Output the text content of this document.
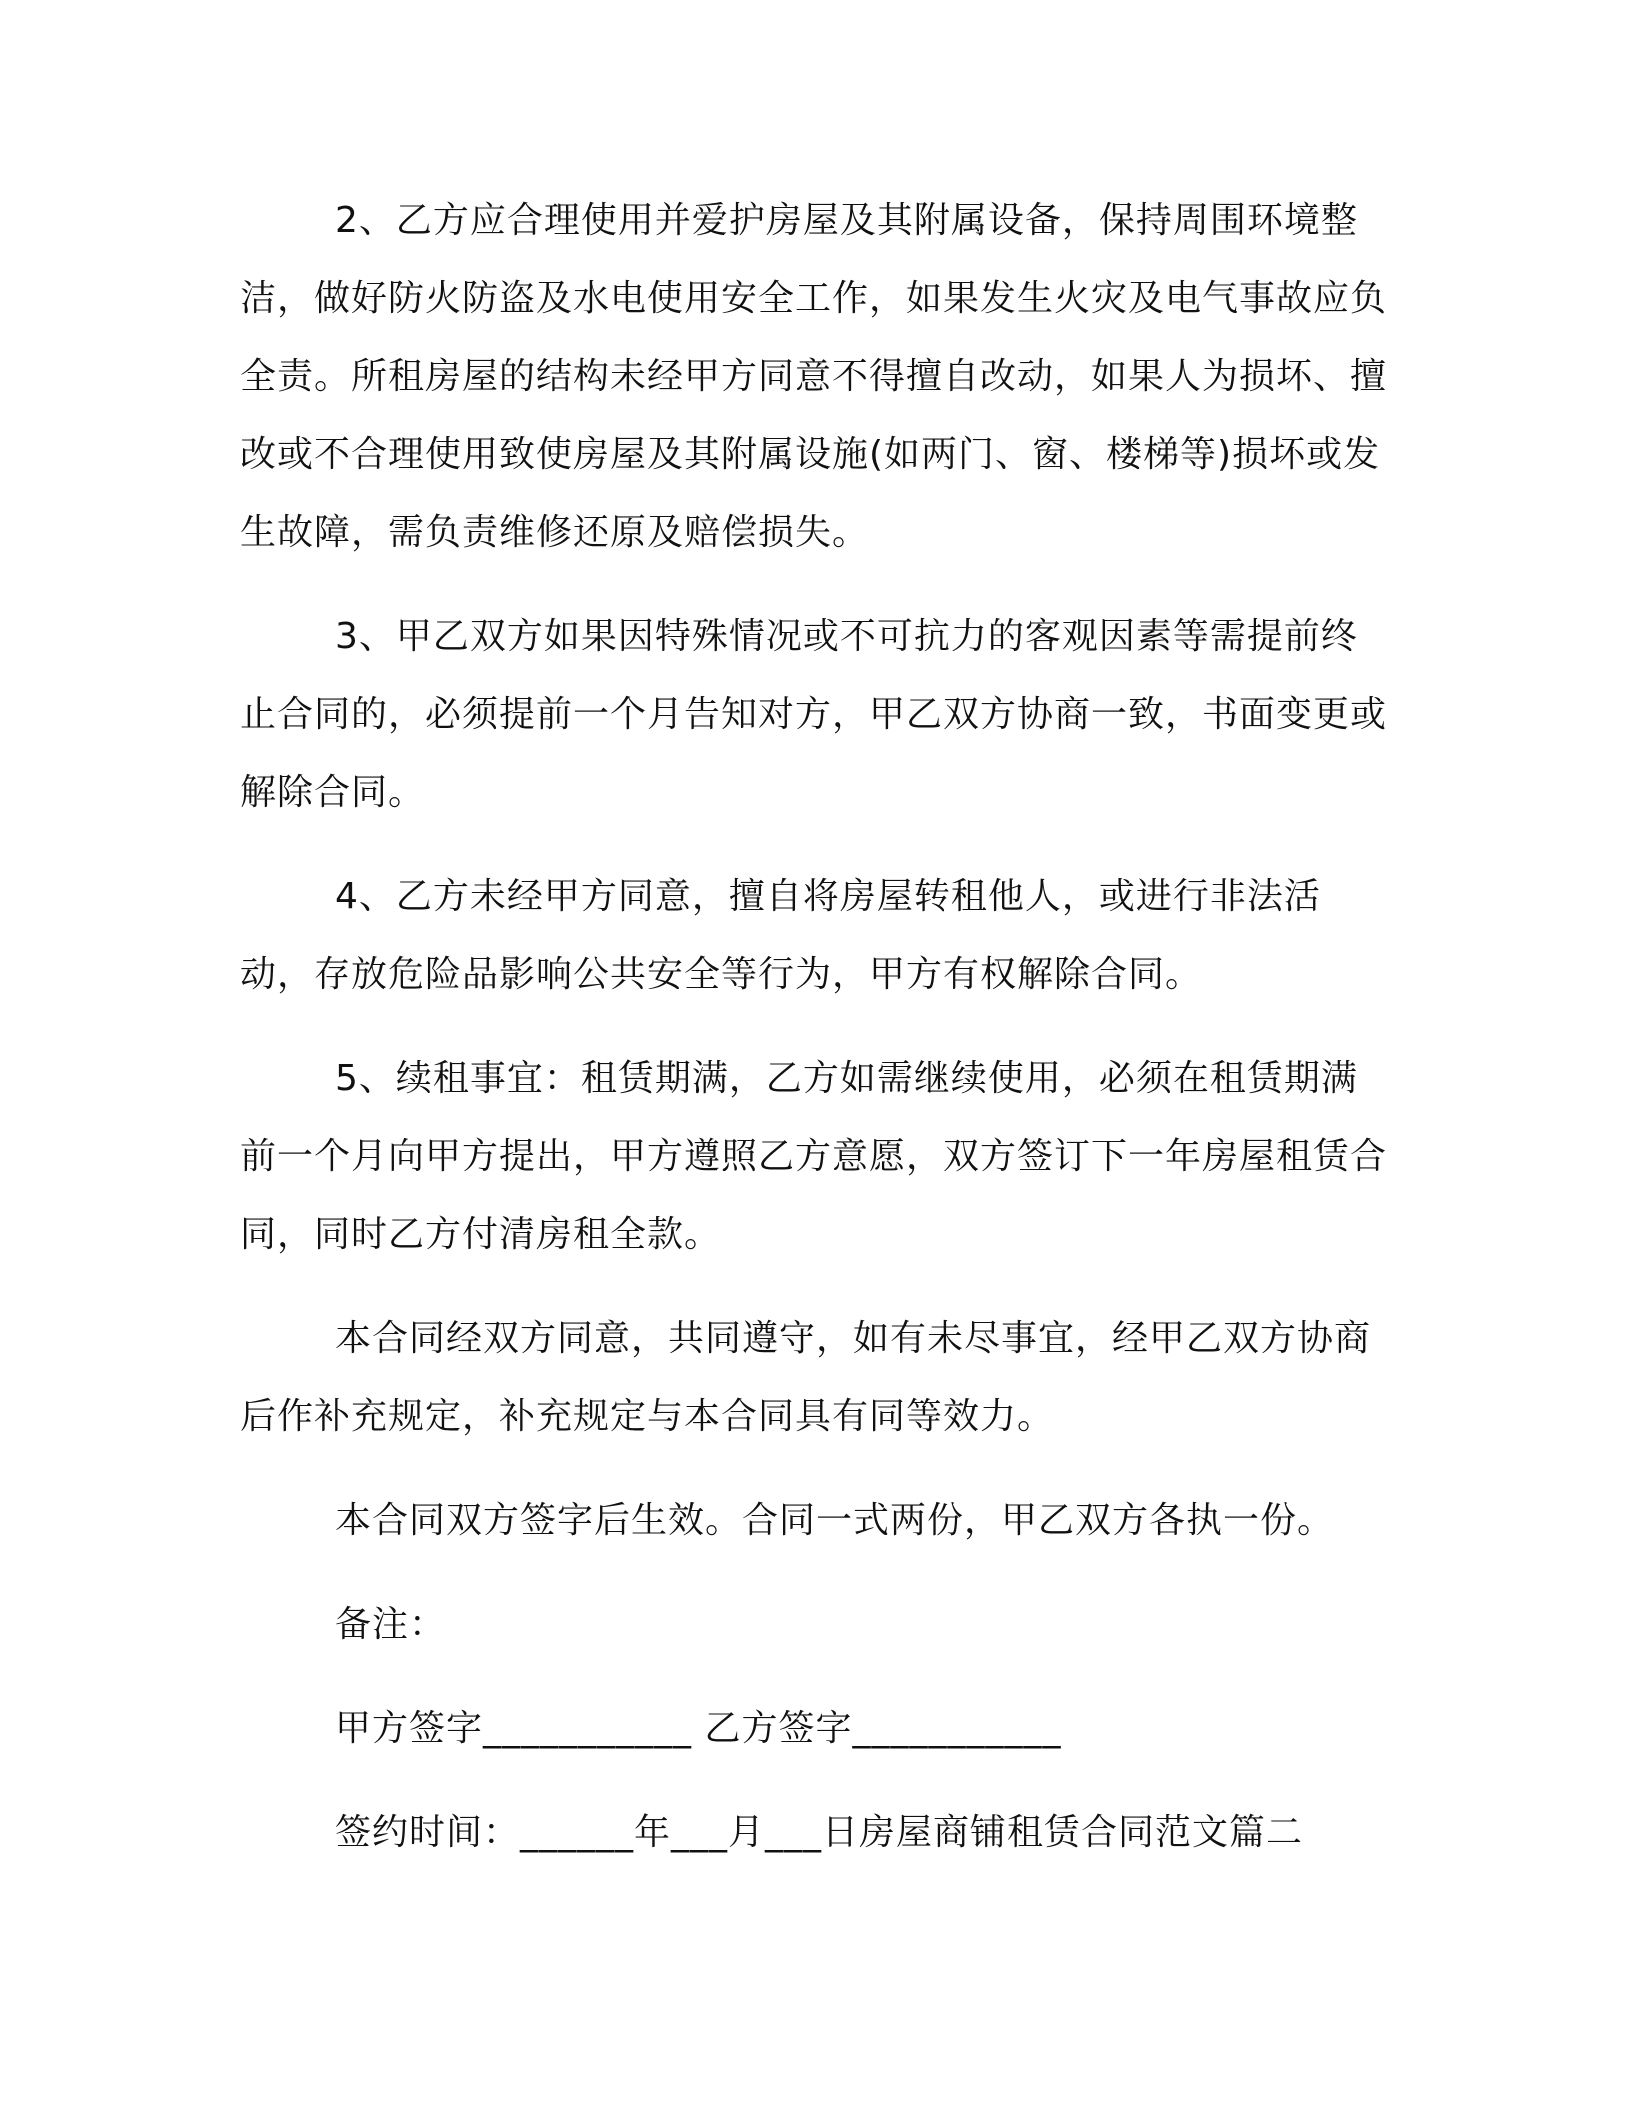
2、乙方应合理使用并爱护房屋及其附属设备，保持周围环境整洁，做好防火防盗及水电使用安全工作，如果发生火灾及电气事故应负全责。所租房屋的结构未经甲方同意不得擅自改动，如果人为损坏、擅改或不合理使用致使房屋及其附属设施(如两门、窗、楼梯等)损坏或发生故障，需负责维修还原及赔偿损失。

3、甲乙双方如果因特殊情况或不可抗力的客观因素等需提前终止合同的，必须提前一个月告知对方，甲乙双方协商一致，书面变更或解除合同。

4、乙方未经甲方同意，擅自将房屋转租他人，或进行非法活动，存放危险品影响公共安全等行为，甲方有权解除合同。

5、续租事宜：租赁期满，乙方如需继续使用，必须在租赁期满前一个月向甲方提出，甲方遵照乙方意愿，双方签订下一年房屋租赁合同，同时乙方付清房租全款。

本合同经双方同意，共同遵守，如有未尽事宜，经甲乙双方协商后作补充规定，补充规定与本合同具有同等效力。

本合同双方签字后生效。合同一式两份，甲乙双方各执一份。

备注：

甲方签字___________ 乙方签字___________

签约时间：______年___月___日房屋商铺租赁合同范文篇二
